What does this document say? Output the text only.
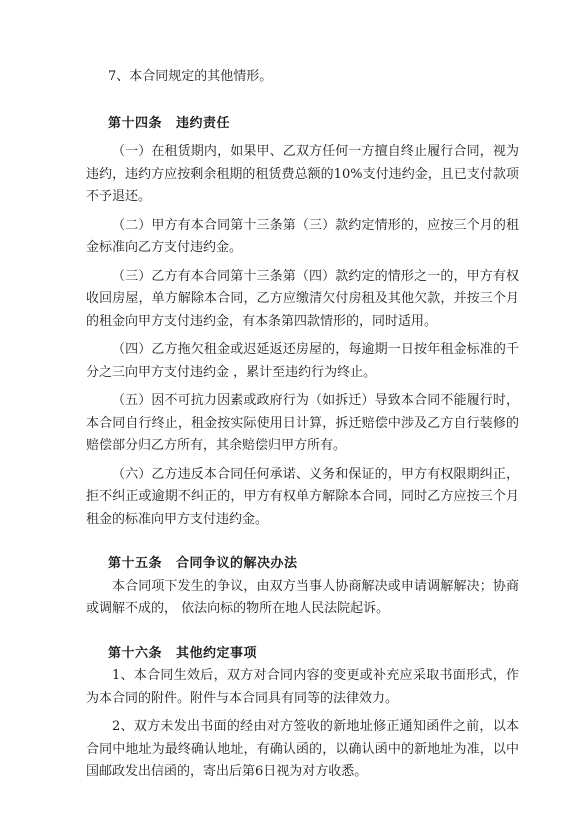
7、本合同规定的其他情形。

第十四条 违约责任

（一）在租赁期内，如果甲、乙双方任何一方擅自终止履行合同，视为违约，违约方应按剩余租期的租赁费总额的10%支付违约金，且已支付款项不予退还。

（二）甲方有本合同第十三条第（三）款约定情形的，应按三个月的租金标准向乙方支付违约金。

（三）乙方有本合同第十三条第（四）款约定的情形之一的，甲方有权收回房屋，单方解除本合同，乙方应缴清欠付房租及其他欠款，并按三个月的租金向甲方支付违约金，有本条第四款情形的，同时适用。

（四）乙方拖欠租金或迟延返还房屋的，每逾期一日按年租金标准的千分之三向甲方支付违约金 ，累计至违约行为终止。

（五）因不可抗力因素或政府行为（如拆迁）导致本合同不能履行时，本合同自行终止，租金按实际使用日计算，拆迁赔偿中涉及乙方自行装修的赔偿部分归乙方所有，其余赔偿归甲方所有。

（六）乙方违反本合同任何承诺、义务和保证的，甲方有权限期纠正，拒不纠正或逾期不纠正的，甲方有权单方解除本合同，同时乙方应按三个月租金的标准向甲方支付违约金。

第十五条 合同争议的解决办法

本合同项下发生的争议，由双方当事人协商解决或申请调解解决；协商或调解不成的， 依法向标的物所在地人民法院起诉。

第十六条 其他约定事项

1、本合同生效后，双方对合同内容的变更或补充应采取书面形式，作为本合同的附件。附件与本合同具有同等的法律效力。

2、双方未发出书面的经由对方签收的新地址修正通知函件之前，以本合同中地址为最终确认地址，有确认函的，以确认函中的新地址为准，以中国邮政发出信函的，寄出后第6日视为对方收悉。
